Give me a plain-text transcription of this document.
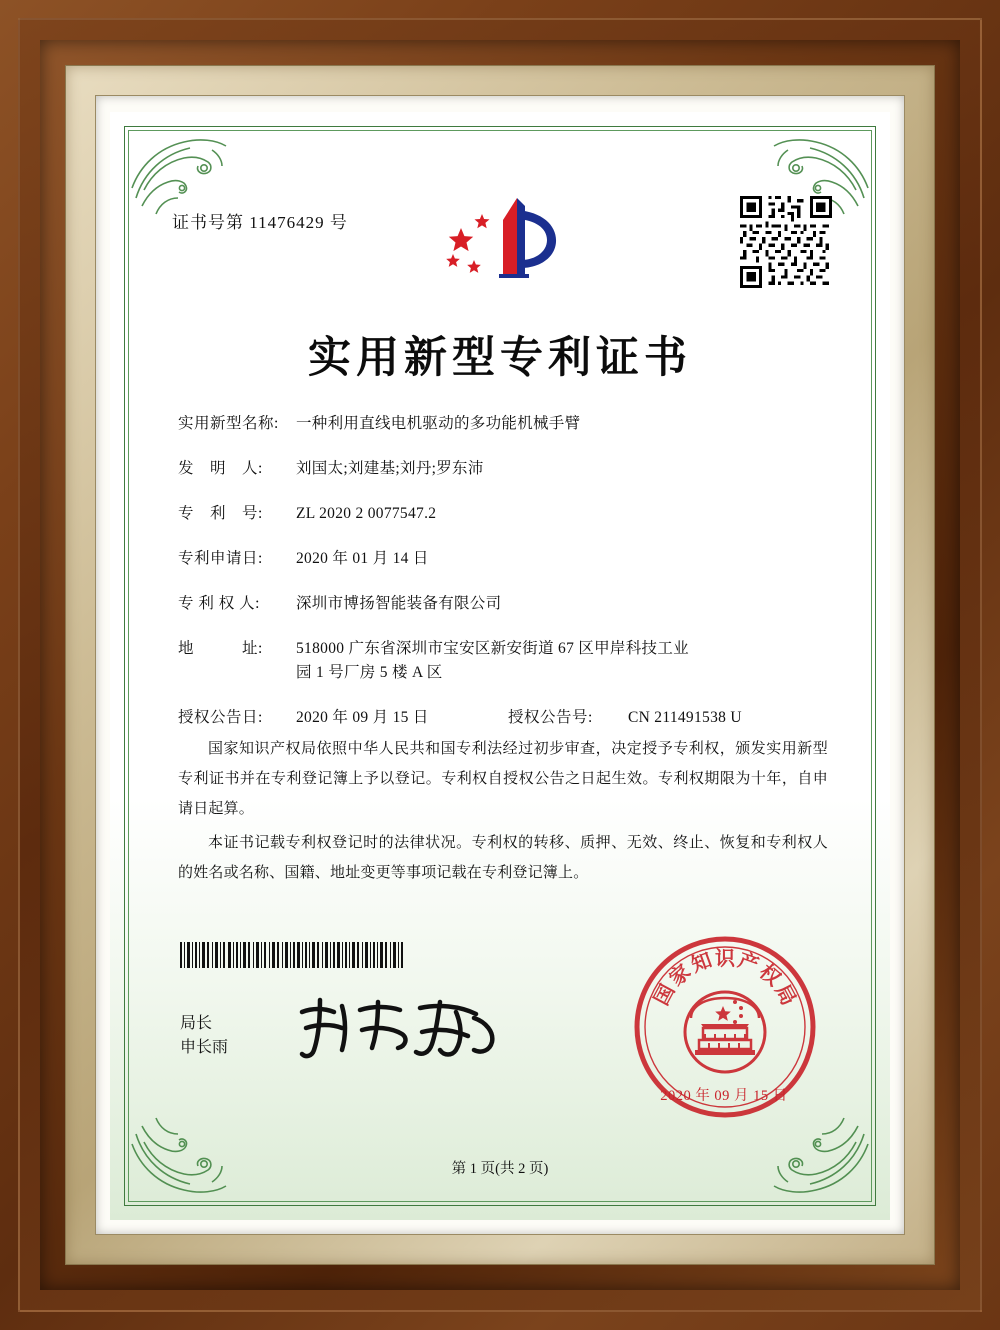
证书号第 11476429 号
实用新型专利证书
实用新型名称:	一种利用直线电机驱动的多功能机械手臂
发　明　人:	刘国太;刘建基;刘丹;罗东沛
专　利　号:	ZL 2020 2 0077547.2
专利申请日:	2020 年 01 月 14 日
专 利 权 人:	深圳市博扬智能装备有限公司
地　　　址:	518000 广东省深圳市宝安区新安街道 67 区甲岸科技工业
园 1 号厂房 5 楼 A 区
授权公告日:	2020 年 09 月 15 日	授权公告号:	CN 211491538 U

国家知识产权局依照中华人民共和国专利法经过初步审查，决定授予专利权，颁发实用新型专利证书并在专利登记簿上予以登记。专利权自授权公告之日起生效。专利权期限为十年，自申请日起算。

本证书记载专利权登记时的法律状况。专利权的转移、质押、无效、终止、恢复和专利权人的姓名或名称、国籍、地址变更等事项记载在专利登记簿上。

局长
申长雨
国
家
知 识 产
权
局
2020 年 09 月 15 日
第 1 页(共 2 页)
